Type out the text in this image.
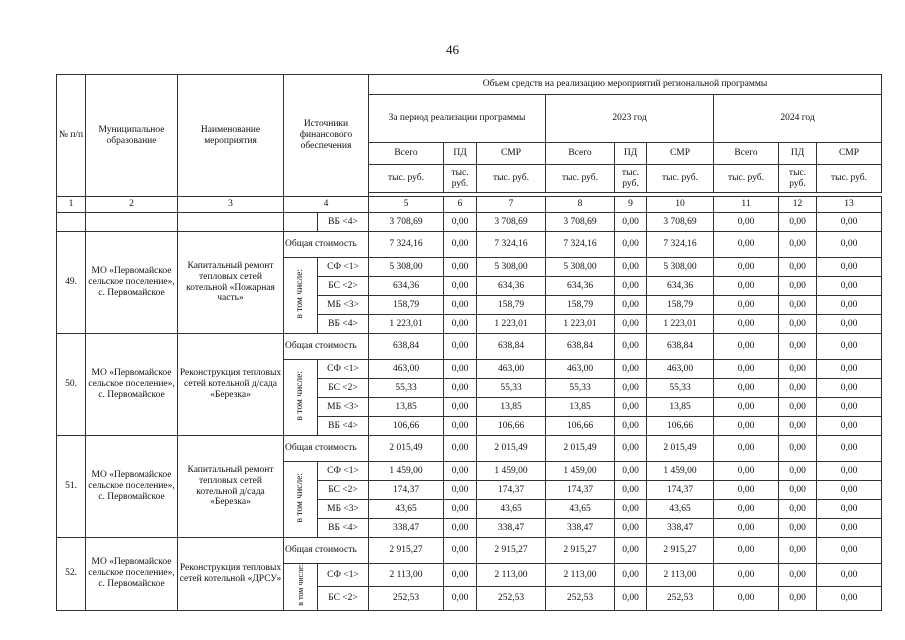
46
№ п/п	Муниципальное образование	Наименование мероприятия	Источники финансового обеспечения		Объем средств на реализацию мероприятий региональной программы								
					За период реализации программы			2023 год			2024 год		
					Всего	ПД	СМР	Всего	ПД	СМР	Всего	ПД	СМР
					тыс. руб.	тыс. руб.	тыс. руб.	тыс. руб.	тыс. руб.	тыс. руб.	тыс. руб.	тыс. руб.	тыс. руб.

1	2	3	4		5	6	7	8	9	10	11	12	13
				ВБ <4>	3 708,69	0,00	3 708,69	3 708,69	0,00	3 708,69	0,00	0,00	0,00
49.	МО «Первомайское сельское поселение», с. Первомайское	Капитальный ремонт тепловых сетей котельной «Пожарная часть»	Общая стоимость		7 324,16	0,00	7 324,16	7 324,16	0,00	7 324,16	0,00	0,00	0,00
			в том числе:	СФ <1>	5 308,00	0,00	5 308,00	5 308,00	0,00	5 308,00	0,00	0,00	0,00
				БС <2>	634,36	0,00	634,36	634,36	0,00	634,36	0,00	0,00	0,00
				МБ <3>	158,79	0,00	158,79	158,79	0,00	158,79	0,00	0,00	0,00
				ВБ <4>	1 223,01	0,00	1 223,01	1 223,01	0,00	1 223,01	0,00	0,00	0,00
50.	МО «Первомайское сельское поселение», с. Первомайское	Реконструкция тепловых сетей котельной д/сада «Березка»	Общая стоимость		638,84	0,00	638,84	638,84	0,00	638,84	0,00	0,00	0,00
			в том числе:	СФ <1>	463,00	0,00	463,00	463,00	0,00	463,00	0,00	0,00	0,00
				БС <2>	55,33	0,00	55,33	55,33	0,00	55,33	0,00	0,00	0,00
				МБ <3>	13,85	0,00	13,85	13,85	0,00	13,85	0,00	0,00	0,00
				ВБ <4>	106,66	0,00	106,66	106,66	0,00	106,66	0,00	0,00	0,00
51.	МО «Первомайское сельское поселение», с. Первомайское	Капитальный ремонт тепловых сетей котельной д/сада «Березка»	Общая стоимость		2 015,49	0,00	2 015,49	2 015,49	0,00	2 015,49	0,00	0,00	0,00
			в том числе:	СФ <1>	1 459,00	0,00	1 459,00	1 459,00	0,00	1 459,00	0,00	0,00	0,00
				БС <2>	174,37	0,00	174,37	174,37	0,00	174,37	0,00	0,00	0,00
				МБ <3>	43,65	0,00	43,65	43,65	0,00	43,65	0,00	0,00	0,00
				ВБ <4>	338,47	0,00	338,47	338,47	0,00	338,47	0,00	0,00	0,00
52.	МО «Первомайское сельское поселение», с. Первомайское	Реконструкция тепловых сетей котельной «ДРСУ»	Общая стоимость		2 915,27	0,00	2 915,27	2 915,27	0,00	2 915,27	0,00	0,00	0,00
			в том числе:	СФ <1>	2 113,00	0,00	2 113,00	2 113,00	0,00	2 113,00	0,00	0,00	0,00
				БС <2>	252,53	0,00	252,53	252,53	0,00	252,53	0,00	0,00	0,00
